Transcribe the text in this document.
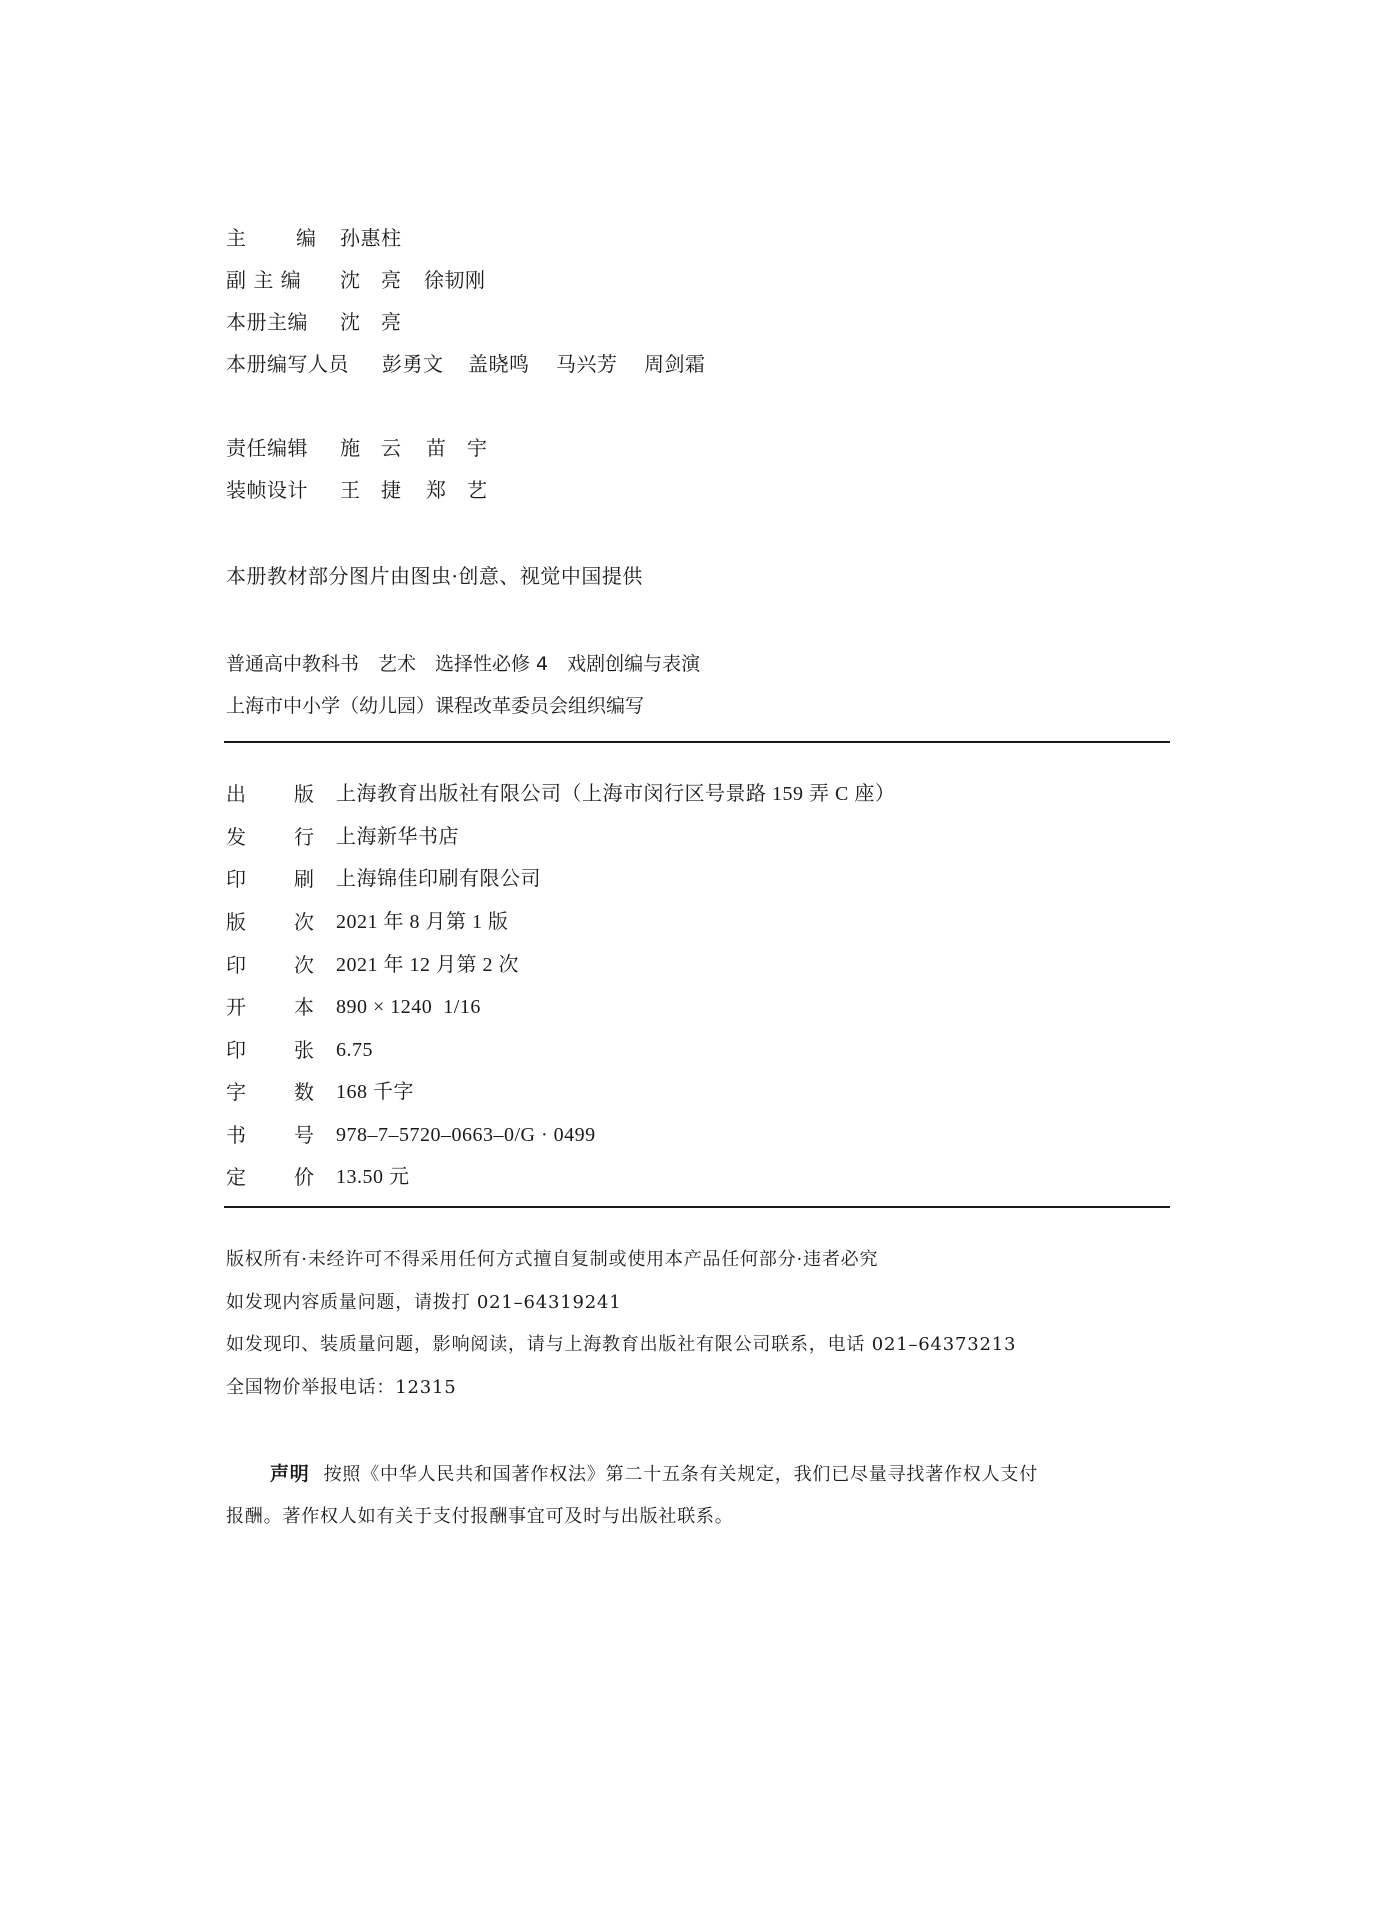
主 编 孙惠柱
副 主 编 沈　亮 徐韧刚
本册主编 沈　亮
本册编写人员 彭勇文 盖晓鸣 马兴芳 周剑霜
责任编辑 施　云 苗　宇
装帧设计 王　捷 郑　艺
本册教材部分图片由图虫·创意、视觉中国提供
普通高中教科书　艺术　选择性必修 4　戏剧创编与表演
上海市中小学（幼儿园）课程改革委员会组织编写
出 版 上海教育出版社有限公司（上海市闵行区号景路 159 弄 C 座）
发 行 上海新华书店
印 刷 上海锦佳印刷有限公司
版 次 2021 年 8 月第 1 版
印 次 2021 年 12 月第 2 次
开 本 890 × 1240  1/16
印 张 6.75
字 数 168 千字
书 号 978–7–5720–0663–0/G · 0499
定 价 13.50 元
版权所有·未经许可不得采用任何方式擅自复制或使用本产品任何部分·违者必究
如发现内容质量问题，请拨打 021–64319241
如发现印、装质量问题，影响阅读，请与上海教育出版社有限公司联系，电话 021–64373213
全国物价举报电话：12315
声明 按照《中华人民共和国著作权法》第二十五条有关规定，我们已尽量寻找著作权人支付
报酬。著作权人如有关于支付报酬事宜可及时与出版社联系。
